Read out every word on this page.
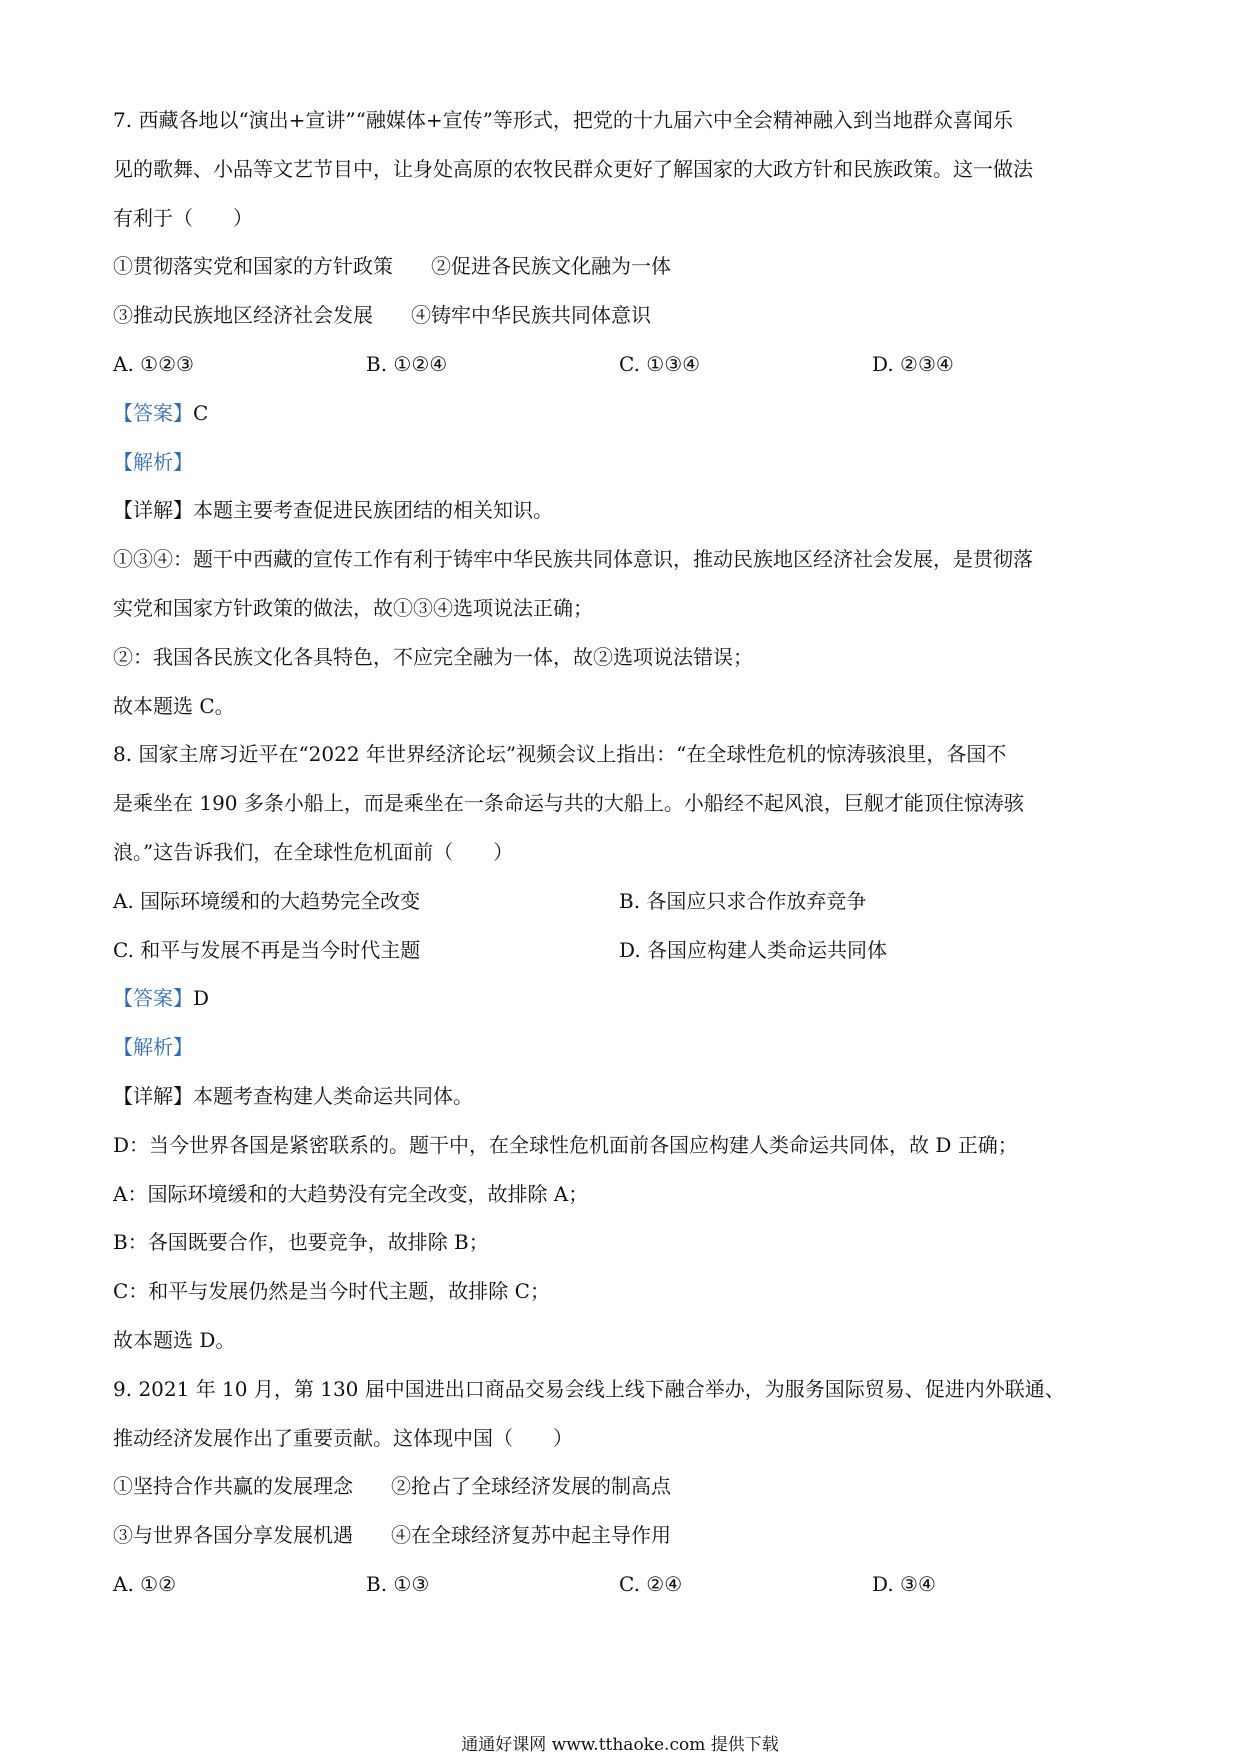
7. 西藏各地以“演出+宣讲”“融媒体+宣传”等形式，把党的十九届六中全会精神融入到当地群众喜闻乐
见的歌舞、小品等文艺节目中，让身处高原的农牧民群众更好了解国家的大政方针和民族政策。这一做法
有利于（　　）
①贯彻落实党和国家的方针政策 ②促进各民族文化融为一体
③推动民族地区经济社会发展 ④铸牢中华民族共同体意识
A. ①②③	B. ①②④	C. ①③④	D. ②③④
【答案】C
【解析】
【详解】本题主要考查促进民族团结的相关知识。
①③④：题干中西藏的宣传工作有利于铸牢中华民族共同体意识，推动民族地区经济社会发展，是贯彻落
实党和国家方针政策的做法，故①③④选项说法正确；
②：我国各民族文化各具特色，不应完全融为一体，故②选项说法错误；
故本题选 C。
8. 国家主席习近平在“2022 年世界经济论坛”视频会议上指出：“在全球性危机的惊涛骇浪里，各国不
是乘坐在 190 多条小船上，而是乘坐在一条命运与共的大船上。小船经不起风浪，巨舰才能顶住惊涛骇
浪。”这告诉我们，在全球性危机面前（　　）
A. 国际环境缓和的大趋势完全改变	B. 各国应只求合作放弃竞争
C. 和平与发展不再是当今时代主题	D. 各国应构建人类命运共同体
【答案】D
【解析】
【详解】本题考查构建人类命运共同体。
D：当今世界各国是紧密联系的。题干中，在全球性危机面前各国应构建人类命运共同体，故 D 正确；
A：国际环境缓和的大趋势没有完全改变，故排除 A；
B：各国既要合作，也要竞争，故排除 B；
C：和平与发展仍然是当今时代主题，故排除 C；
故本题选 D。
9. 2021 年 10 月，第 130 届中国进出口商品交易会线上线下融合举办，为服务国际贸易、促进内外联通、
推动经济发展作出了重要贡献。这体现中国（　　）
①坚持合作共赢的发展理念 ②抢占了全球经济发展的制高点
③与世界各国分享发展机遇 ④在全球经济复苏中起主导作用
A. ①②	B. ①③	C. ②④	D. ③④
通通好课网 www.tthaoke.com 提供下载
